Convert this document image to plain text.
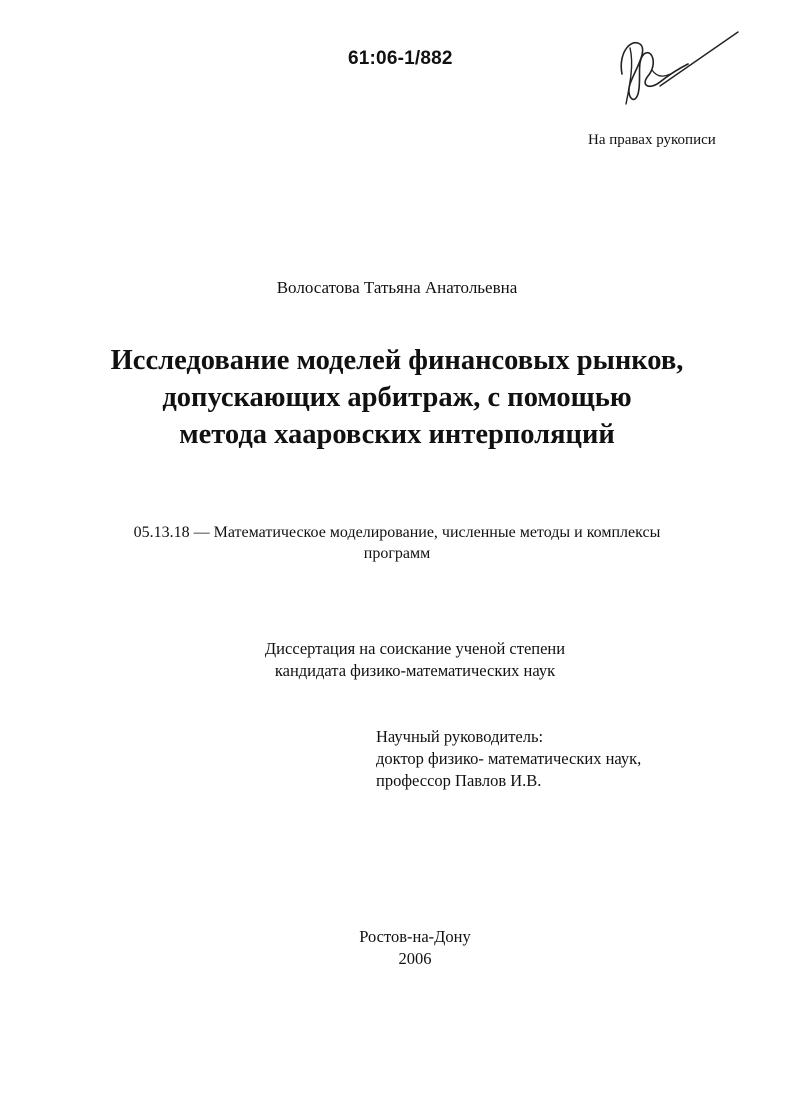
61:06-1/882
На правах рукописи
Волосатова Татьяна Анатольевна
Исследование моделей финансовых рынков,
допускающих арбитраж, с помощью
метода хааровских интерполяций
05.13.18 — Математическое моделирование, численные методы и комплексы
программ
Диссертация на соискание ученой степени
кандидата физико-математических наук
Научный руководитель:
доктор физико- математических наук,
профессор Павлов И.В.
Ростов-на-Дону
2006
